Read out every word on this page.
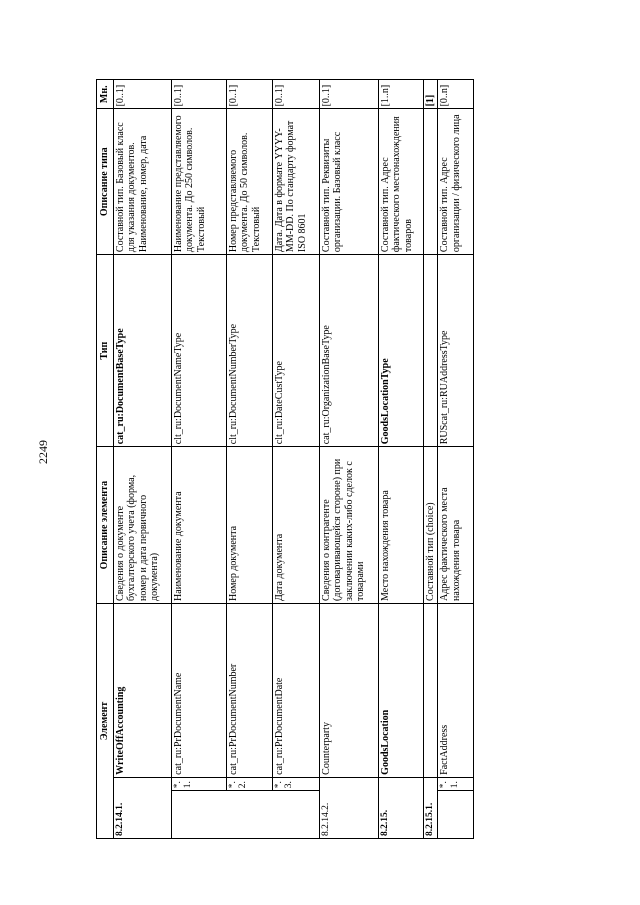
2249
Элемент			Описание элемента	Тип	Описание типа	Мн.
8.2.14.1.		WriteOffAccounting	Сведения о документе бухгалтерского учета (форма, номер и дата первичного документа)	cat_ru:DocumentBaseType	Составной тип. Базовый класс для указания документов. Наименование, номер, дата	[0..1]
	*.1.	cat_ru:PrDocumentName	Наименование документа	clt_ru:DocumentNameType	Наименование представляемого документа. До 250 символов. Текстовый	[0..1]
	*.2.	cat_ru:PrDocumentNumber	Номер документа	clt_ru:DocumentNumberType	Номер представляемого документа. До 50 символов. Текстовый	[0..1]
	*.3.	cat_ru:PrDocumentDate	Дата документа	clt_ru:DateCustType	Дата. Дата в формате YYYY-MM-DD. По стандарту формат ISO 8601	[0..1]
8.2.14.2.		Counterparty	Сведения о контрагенте (договаривающейся стороне) при заключении каких-либо сделок с товарами	cat_ru:OrganizationBaseType	Составной тип. Реквизиты организации. Базовый класс	[0..1]
8.2.15.		GoodsLocation	Место нахождения товара	GoodsLocationType	Составной тип. Адрес фактического местонахождения товаров	[1..n]
8.2.15.1.			Составной тип (choice)			[1]
	*.1.	FactAddress	Адрес фактического места нахождения товара	RUScat_ru:RUAddressType	Составной тип. Адрес организации / физического лица	[0..n]
